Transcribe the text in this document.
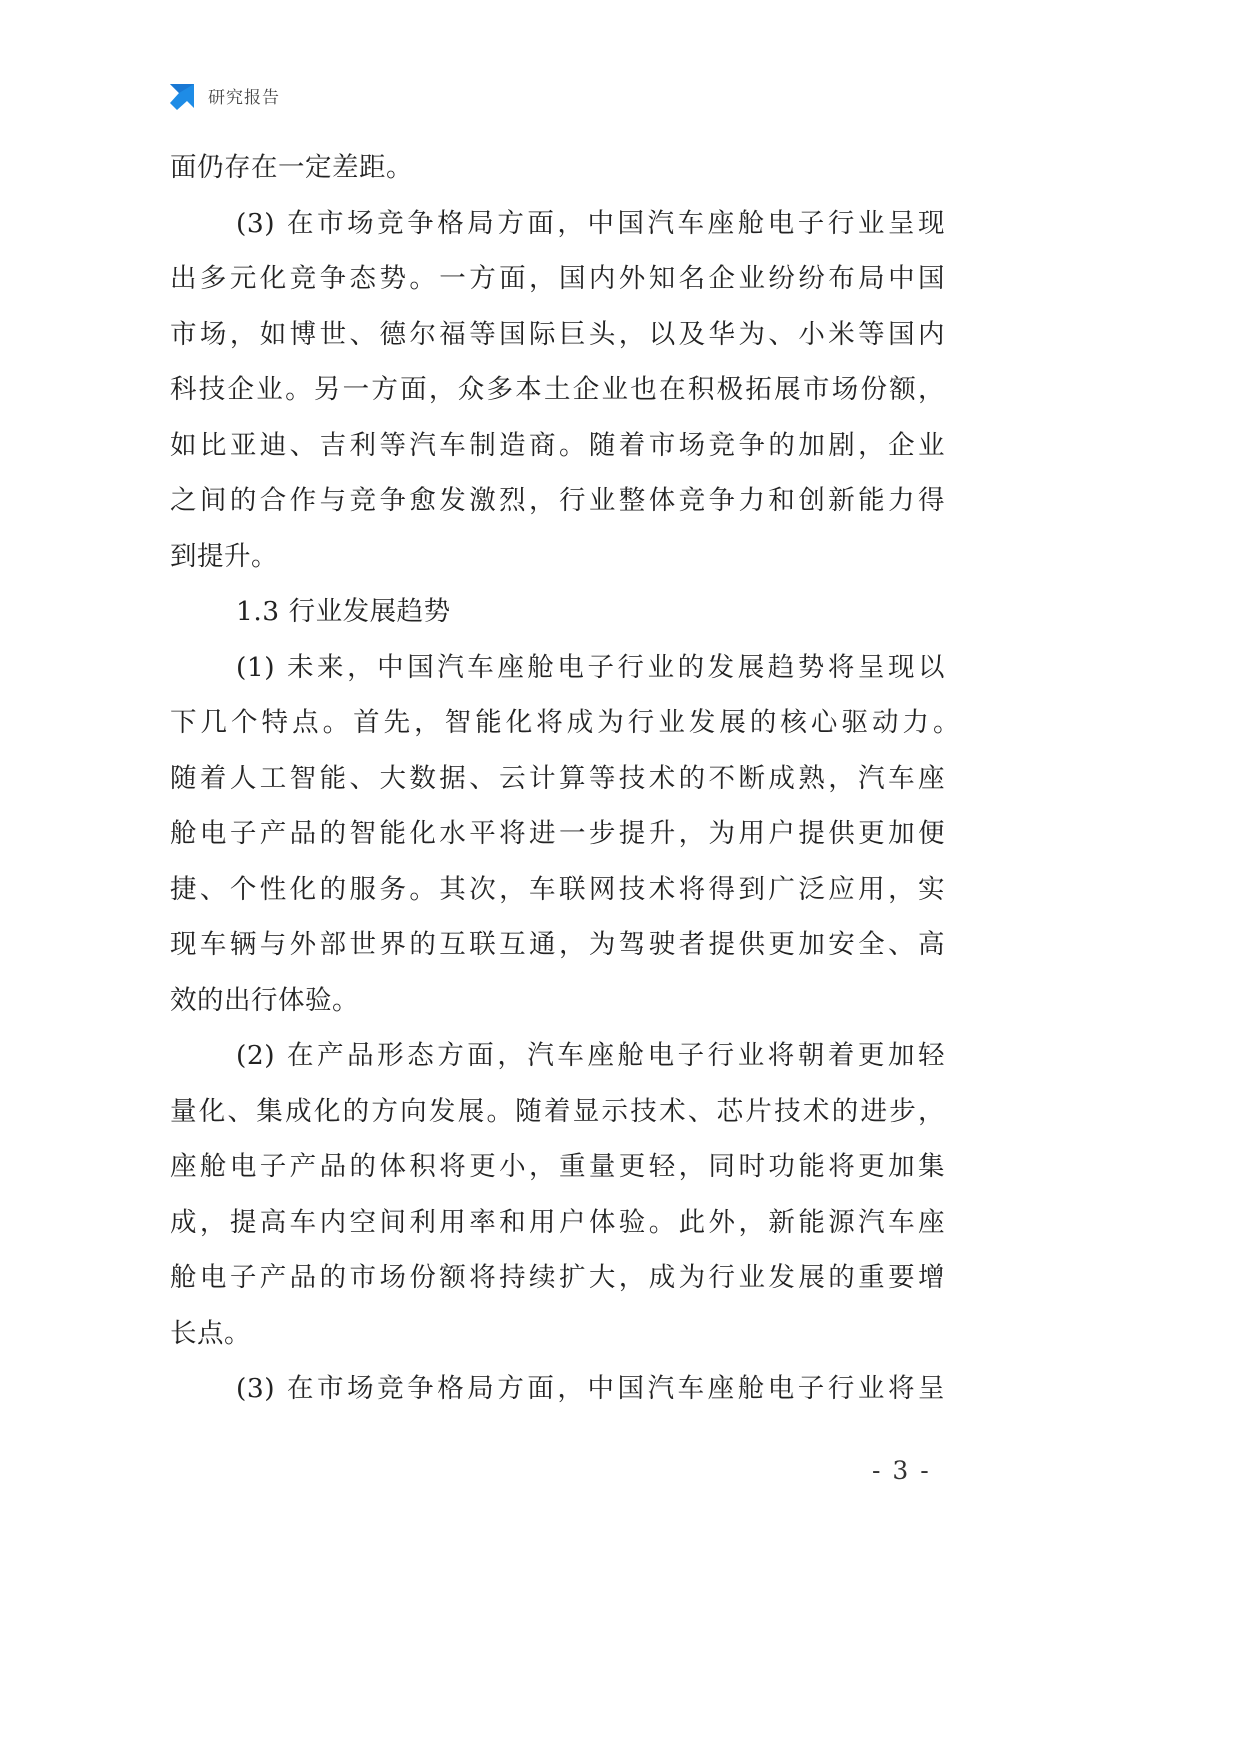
研究报告
面仍存在一定差距。
(3) 在市场竞争格局方面，中国汽车座舱电子行业呈现
出多元化竞争态势。一方面，国内外知名企业纷纷布局中国
市场，如博世、德尔福等国际巨头，以及华为、小米等国内
科技企业。另一方面，众多本土企业也在积极拓展市场份额，
如比亚迪、吉利等汽车制造商。随着市场竞争的加剧，企业
之间的合作与竞争愈发激烈，行业整体竞争力和创新能力得
到提升。
1.3 行业发展趋势
(1) 未来，中国汽车座舱电子行业的发展趋势将呈现以
下几个特点。首先，智能化将成为行业发展的核心驱动力。
随着人工智能、大数据、云计算等技术的不断成熟，汽车座
舱电子产品的智能化水平将进一步提升，为用户提供更加便
捷、个性化的服务。其次，车联网技术将得到广泛应用，实
现车辆与外部世界的互联互通，为驾驶者提供更加安全、高
效的出行体验。
(2) 在产品形态方面，汽车座舱电子行业将朝着更加轻
量化、集成化的方向发展。随着显示技术、芯片技术的进步，
座舱电子产品的体积将更小，重量更轻，同时功能将更加集
成，提高车内空间利用率和用户体验。此外，新能源汽车座
舱电子产品的市场份额将持续扩大，成为行业发展的重要增
长点。
(3) 在市场竞争格局方面，中国汽车座舱电子行业将呈
- 3 -
